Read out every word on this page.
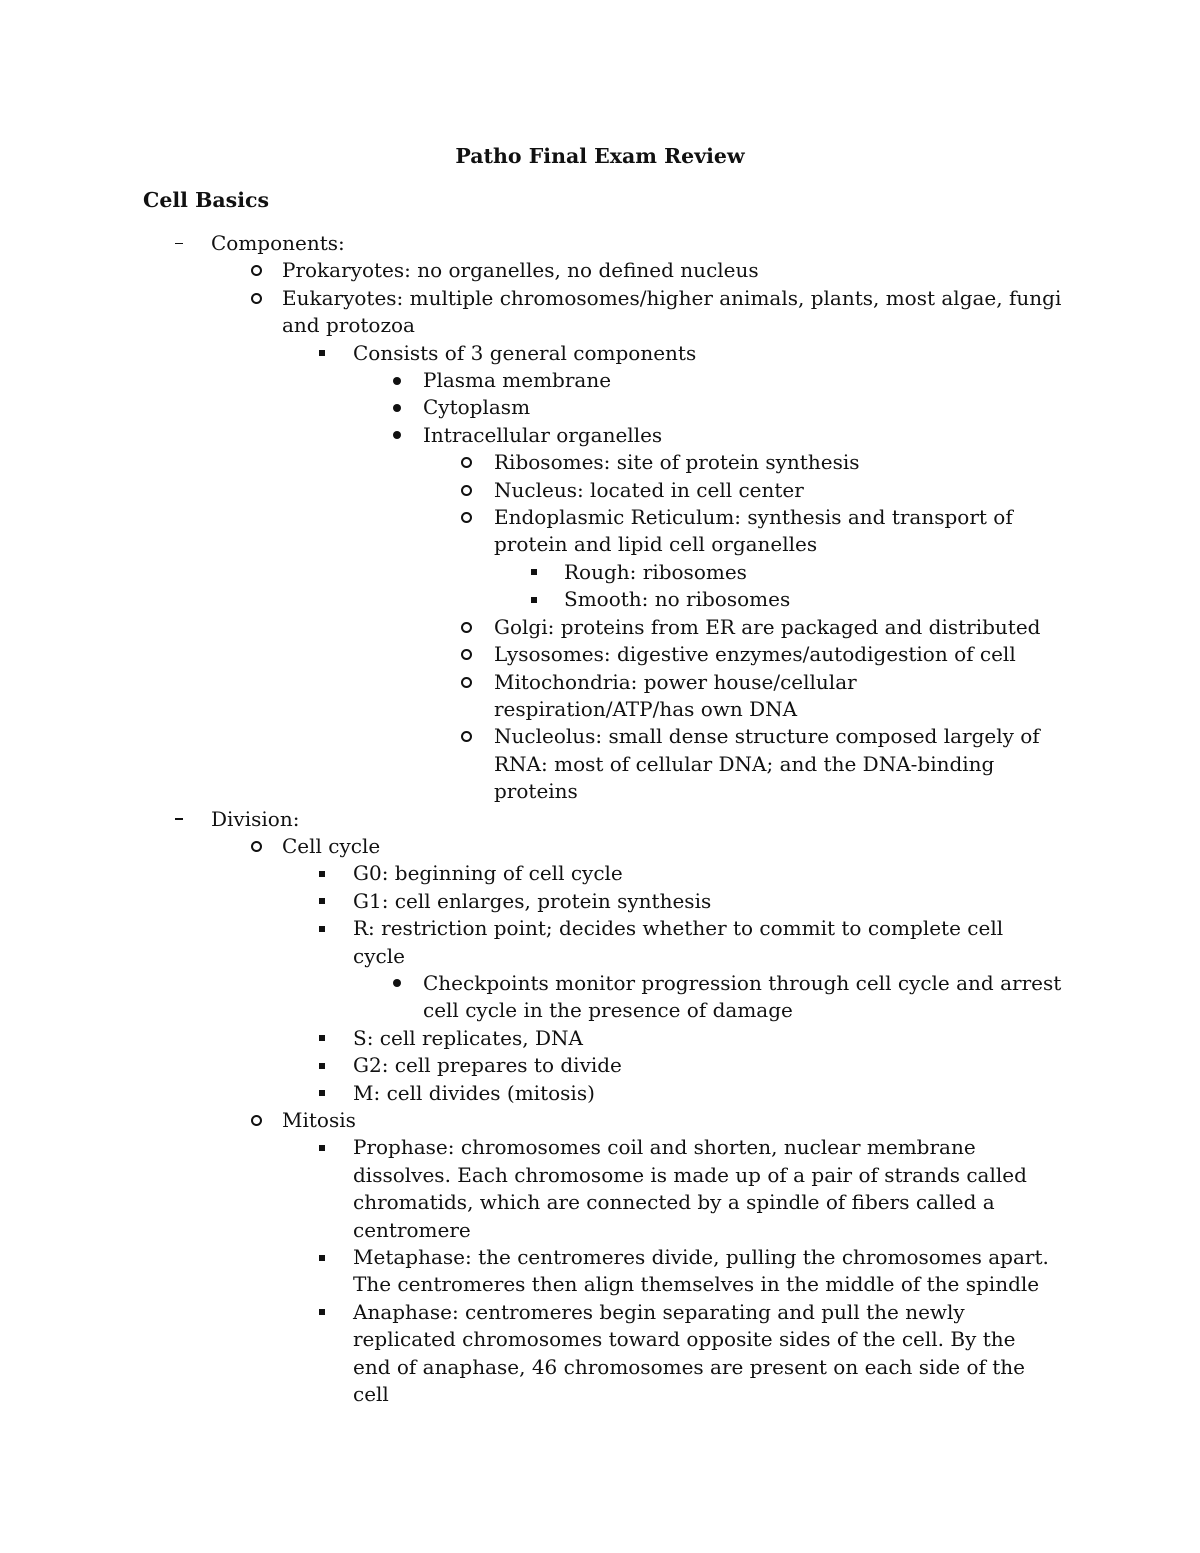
Patho Final Exam Review
Cell Basics
Components:
Prokaryotes: no organelles, no defined nucleus
Eukaryotes: multiple chromosomes/higher animals, plants, most algae, fungi and protozoa
Consists of 3 general components
Plasma membrane
Cytoplasm
Intracellular organelles
Ribosomes: site of protein synthesis
Nucleus: located in cell center
Endoplasmic Reticulum: synthesis and transport of protein and lipid cell organelles
Rough: ribosomes
Smooth: no ribosomes
Golgi: proteins from ER are packaged and distributed
Lysosomes: digestive enzymes/autodigestion of cell
Mitochondria: power house/cellular respiration/ATP/has own DNA
Nucleolus: small dense structure composed largely of RNA: most of cellular DNA; and the DNA-binding proteins
Division:
Cell cycle
G0: beginning of cell cycle
G1: cell enlarges, protein synthesis
R: restriction point; decides whether to commit to complete cell cycle
Checkpoints monitor progression through cell cycle and arrest cell cycle in the presence of damage
S: cell replicates, DNA
G2: cell prepares to divide
M: cell divides (mitosis)
Mitosis
Prophase: chromosomes coil and shorten, nuclear membrane dissolves. Each chromosome is made up of a pair of strands called chromatids, which are connected by a spindle of fibers called a centromere
Metaphase: the centromeres divide, pulling the chromosomes apart. The centromeres then align themselves in the middle of the spindle
Anaphase: centromeres begin separating and pull the newly replicated chromosomes toward opposite sides of the cell. By the end of anaphase, 46 chromosomes are present on each side of the cell
